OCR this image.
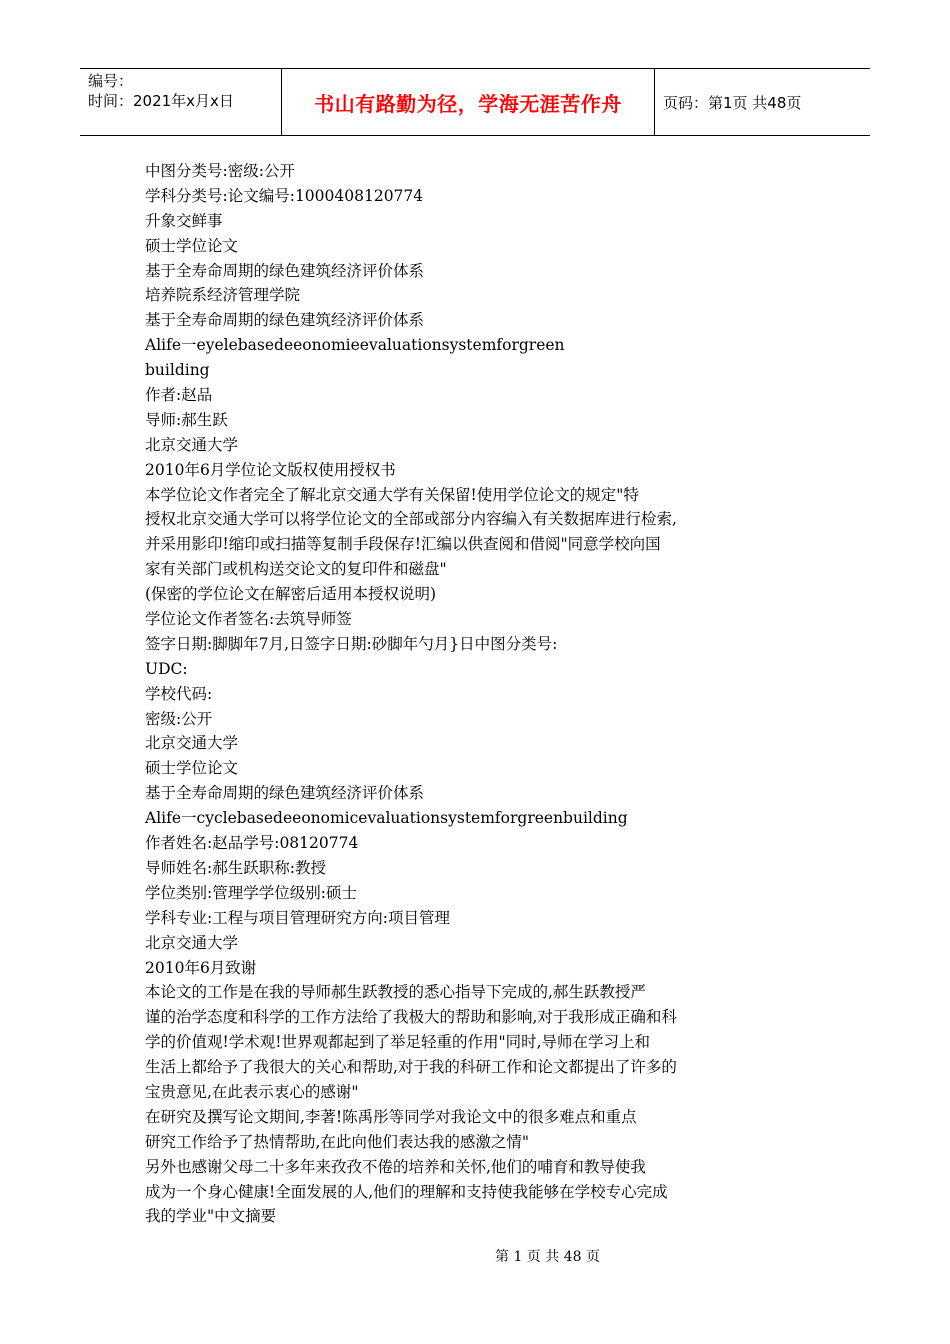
编号：
时间：2021年x月x日	书山有路勤为径，学海无涯苦作舟	页码：第1页 共48页
中图分类号:密级:公开
学科分类号:论文编号:1000408120774
升象交鲜事
硕士学位论文
基于全寿命周期的绿色建筑经济评价体系
培养院系经济管理学院
基于全寿命周期的绿色建筑经济评价体系
Alife一eyelebasedeeonomieevaluationsystemforgreen
building
作者:赵品
导师:郝生跃
北京交通大学
2010年6月学位论文版权使用授权书
本学位论文作者完全了解北京交通大学有关保留!使用学位论文的规定"特
授权北京交通大学可以将学位论文的全部或部分内容编入有关数据库进行检索,
并采用影印!缩印或扫描等复制手段保存!汇编以供查阅和借阅"同意学校向国
家有关部门或机构送交论文的复印件和磁盘"
(保密的学位论文在解密后适用本授权说明)
学位论文作者签名:去筑导师签
签字日期:脚脚年7月,日签字日期:砂脚年勺月}日中图分类号:
UDC:
学校代码:
密级:公开
北京交通大学
硕士学位论文
基于全寿命周期的绿色建筑经济评价体系
Alife一cyclebasedeeonomicevaluationsystemforgreenbuilding
作者姓名:赵品学号:08120774
导师姓名:郝生跃职称:教授
学位类别:管理学学位级别:硕士
学科专业:工程与项目管理研究方向:项目管理
北京交通大学
2010年6月致谢
本论文的工作是在我的导师郝生跃教授的悉心指导下完成的,郝生跃教授严
谨的治学态度和科学的工作方法给了我极大的帮助和影响,对于我形成正确和科
学的价值观!学术观!世界观都起到了举足轻重的作用"同时,导师在学习上和
生活上都给予了我很大的关心和帮助,对于我的科研工作和论文都提出了许多的
宝贵意见,在此表示衷心的感谢"
在研究及撰写论文期间,李著!陈禹彤等同学对我论文中的很多难点和重点
研究工作给予了热情帮助,在此向他们表达我的感激之情"
另外也感谢父母二十多年来孜孜不倦的培养和关怀,他们的哺育和教导使我
成为一个身心健康!全面发展的人,他们的理解和支持使我能够在学校专心完成
我的学业"中文摘要
第 1 页 共 48 页
